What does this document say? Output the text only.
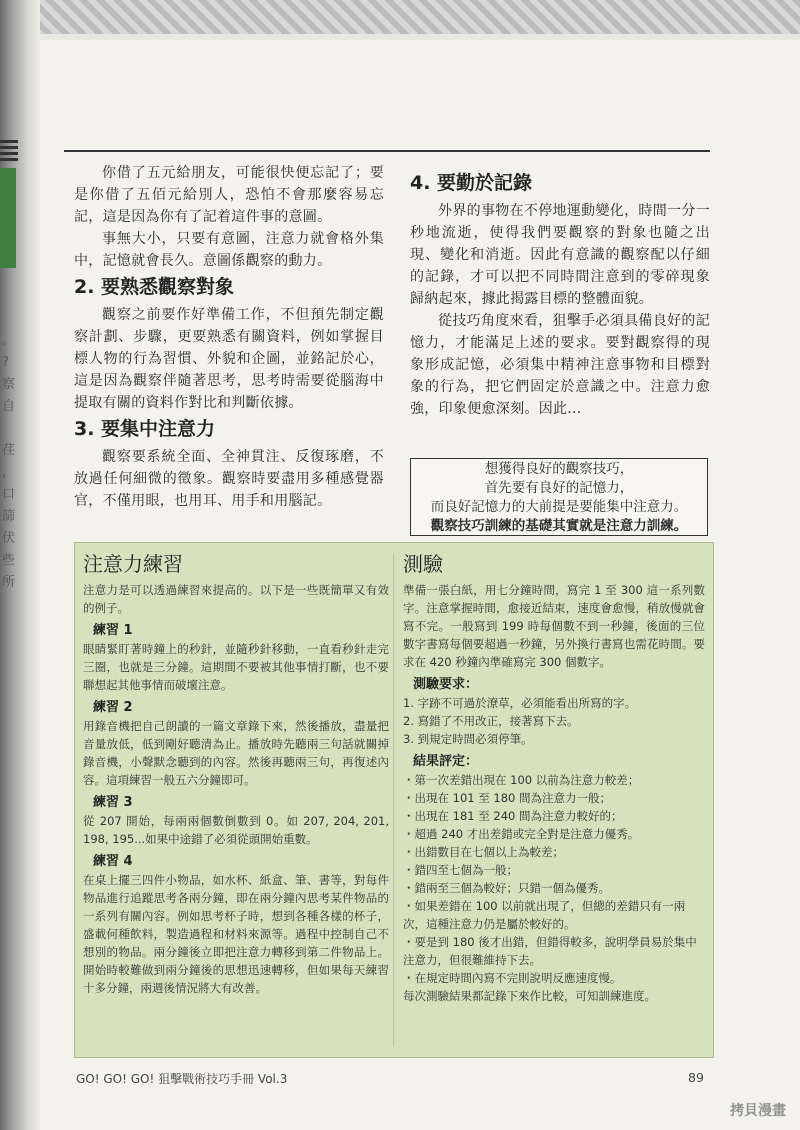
。
?
察
自

荏
，
口
篩
伏
些
所

你借了五元給朋友，可能很快便忘記了；要是你借了五佰元給別人，恐怕不會那麼容易忘記，這是因為你有了記着這件事的意圖。

事無大小，只要有意圖，注意力就會格外集中，記憶就會長久。意圖係觀察的動力。

2. 要熟悉觀察對象

觀察之前要作好準備工作，不但預先制定觀察計劃、步驟，更要熟悉有關資料，例如掌握目標人物的行為習慣、外貌和企圖，並銘記於心，這是因為觀察伴隨著思考，思考時需要從腦海中提取有關的資料作對比和判斷依據。

3. 要集中注意力

觀察要系統全面、全神貫注、反復琢磨，不放過任何細微的徵象。觀察時要盡用多種感覺器官，不僅用眼，也用耳、用手和用腦記。

4. 要勤於記錄

外界的事物在不停地運動變化，時間一分一秒地流逝，使得我們要觀察的對象也隨之出現、變化和消逝。因此有意識的觀察配以仔細的記錄，才可以把不同時間注意到的零碎現象歸納起來，據此揭露目標的整體面貌。

從技巧角度來看，狙擊手必須具備良好的記憶力，才能滿足上述的要求。要對觀察得的現象形成記憶，必須集中精神注意事物和目標對象的行為，把它們固定於意識之中。注意力愈強，印象便愈深刻。因此...

想獲得良好的觀察技巧，
首先要有良好的記憶力，
而良好記憶力的大前提是要能集中注意力。
觀察技巧訓練的基礎其實就是注意力訓練。
注意力練習

注意力是可以透過練習來提高的。以下是一些既簡單又有效的例子。

練習 1

眼睛緊盯著時鐘上的秒針，並隨秒針移動，一直看秒針走完三圈，也就是三分鐘。這期間不要被其他事情打斷，也不要聯想起其他事情而破壞注意。

練習 2

用錄音機把自己朗讀的一篇文章錄下來，然後播放，盡量把音量放低，低到剛好聽清為止。播放時先聽兩三句話就關掉錄音機，小聲默念聽到的內容。然後再聽兩三句，再復述內容。這項練習一般五六分鐘即可。

練習 3

從 207 開始，每兩兩個數倒數到 0。如 207, 204, 201, 198, 195...如果中途錯了必須從頭開始重數。

練習 4

在桌上擺三四件小物品，如水杯、紙盒、筆、書等，對每件物品進行追蹤思考各兩分鐘，即在兩分鐘內思考某件物品的一系列有關內容。例如思考杯子時，想到各種各樣的杯子，盛載何種飲料，製造過程和材料來源等。過程中控制自己不想別的物品。兩分鐘後立即把注意力轉移到第二件物品上。開始時較難做到兩分鐘後的思想迅速轉移，但如果每天練習十多分鐘，兩週後情況將大有改善。

測驗

準備一張白紙，用七分鐘時間，寫完 1 至 300 這一系列數字。注意掌握時間，愈接近結束，速度會愈慢，稍放慢就會寫不完。一般寫到 199 時每個數不到一秒鐘，後面的三位數字書寫每個要超過一秒鐘，另外換行書寫也需花時間。要求在 420 秒鐘內準確寫完 300 個數字。

測驗要求：
1. 字跡不可過於潦草，必須能看出所寫的字。
2. 寫錯了不用改正，接著寫下去。
3. 到規定時間必須停筆。
結果評定：
・第一次差錯出現在 100 以前為注意力較差；
・出現在 101 至 180 間為注意力一般；
・出現在 181 至 240 間為注意力較好的；
・超過 240 才出差錯或完全對是注意力優秀。
・出錯數目在七個以上為較差；
・錯四至七個為一般；
・錯兩至三個為較好；只錯一個為優秀。
・如果差錯在 100 以前就出現了，但總的差錯只有一兩次，這種注意力仍是屬於較好的。
・要是到 180 後才出錯，但錯得較多，說明學員易於集中注意力，但很難維持下去。
・在規定時間內寫不完則說明反應速度慢。
每次測驗結果都記錄下來作比較，可知訓練進度。
GO! GO! GO! 狙擊戰術技巧手冊 Vol.3	89
拷貝漫畫
